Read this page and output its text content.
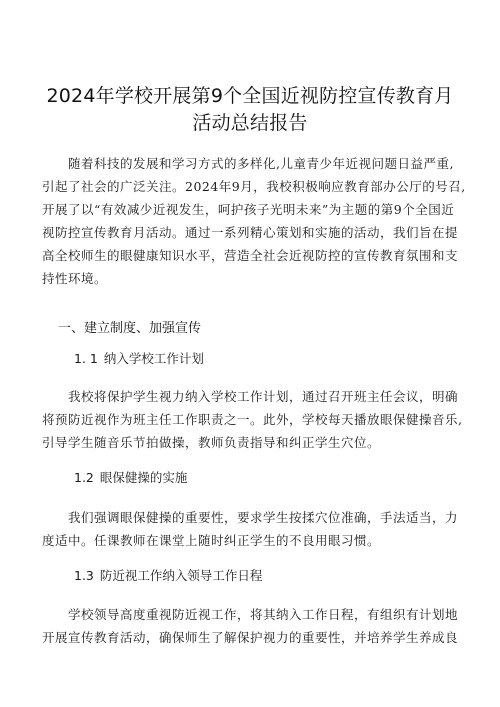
2024年学校开展第9个全国近视防控宣传教育月
活动总结报告
随着科技的发展和学习方式的多样化,儿童青少年近视问题日益严重,
引起了社会的广泛关注。2024年9月，我校积极响应教育部办公厅的号召,
开展了以“有效减少近视发生，呵护孩子光明未来”为主题的第9个全国近
视防控宣传教育月活动。通过一系列精心策划和实施的活动，我们旨在提
高全校师生的眼健康知识水平，营造全社会近视防控的宣传教育氛围和支
持性环境。
一、建立制度、加强宣传
1. 1 纳入学校工作计划
我校将保护学生视力纳入学校工作计划，通过召开班主任会议，明确
将预防近视作为班主任工作职责之一。此外，学校每天播放眼保健操音乐,
引导学生随音乐节拍做操，教师负责指导和纠正学生穴位。
1.2 眼保健操的实施
我们强调眼保健操的重要性，要求学生按揉穴位准确，手法适当，力
度适中。任课教师在课堂上随时纠正学生的不良用眼习惯。
1.3 防近视工作纳入领导工作日程
学校领导高度重视防近视工作，将其纳入工作日程，有组织有计划地
开展宣传教育活动，确保师生了解保护视力的重要性，并培养学生养成良
